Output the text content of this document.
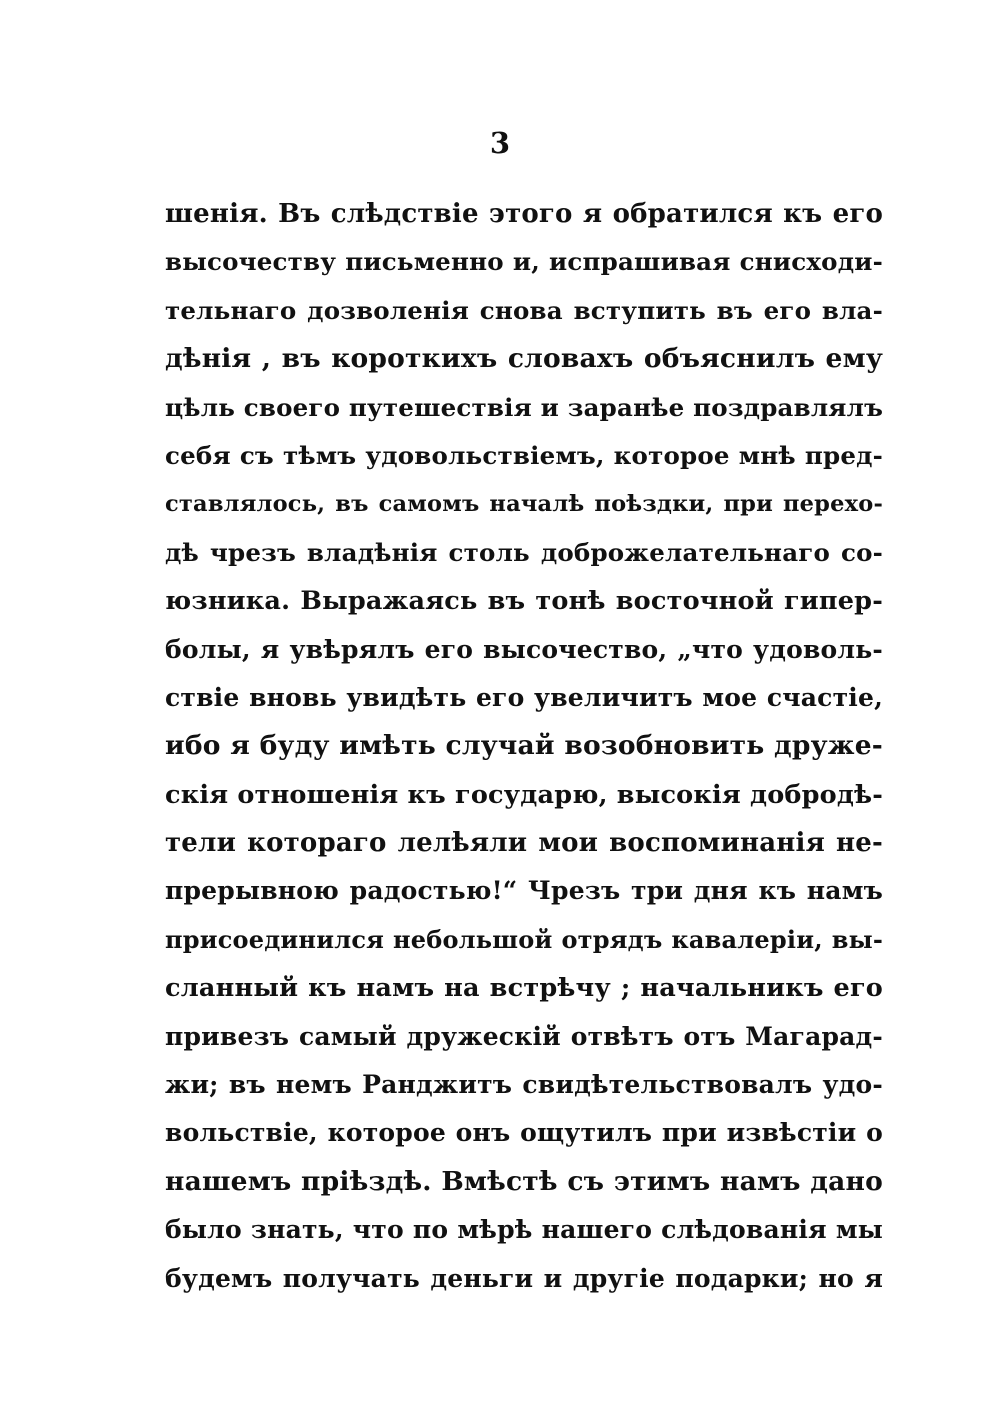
3
шенія. Въ слѣдствіе этого я обратился къ его
высочеству письменно и, испрашивая снисходи-
тельнаго дозволенія снова вступить въ его вла-
дѣнія , въ короткихъ словахъ объяснилъ ему
цѣль своего путешествія и заранѣе поздравлялъ
себя съ тѣмъ удовольствіемъ, которое мнѣ пред-
ставлялось, въ самомъ началѣ поѣздки, при перехо-
дѣ чрезъ владѣнія столь доброжелательнаго со-
юзника. Выражаясь въ тонѣ восточной гипер-
болы, я увѣрялъ его высочество, „что удоволь-
ствіе вновь увидѣть его увеличитъ мое счастіе,
ибо я буду имѣть случай возобновить друже-
скія отношенія къ государю, высокія добродѣ-
тели котораго лелѣяли мои воспоминанія не-
прерывною радостью!“ Чрезъ три дня къ намъ
присоединился небольшой отрядъ кавалеріи, вы-
сланный къ намъ на встрѣчу ; начальникъ его
привезъ самый дружескій отвѣтъ отъ Магарад-
жи; въ немъ Ранджитъ свидѣтельствовалъ удо-
вольствіе, которое онъ ощутилъ при извѣстіи о
нашемъ пріѣздѣ. Вмѣстѣ съ этимъ намъ дано
было знать, что по мѣрѣ нашего слѣдованія мы
будемъ получать деньги и другіе подарки; но я
